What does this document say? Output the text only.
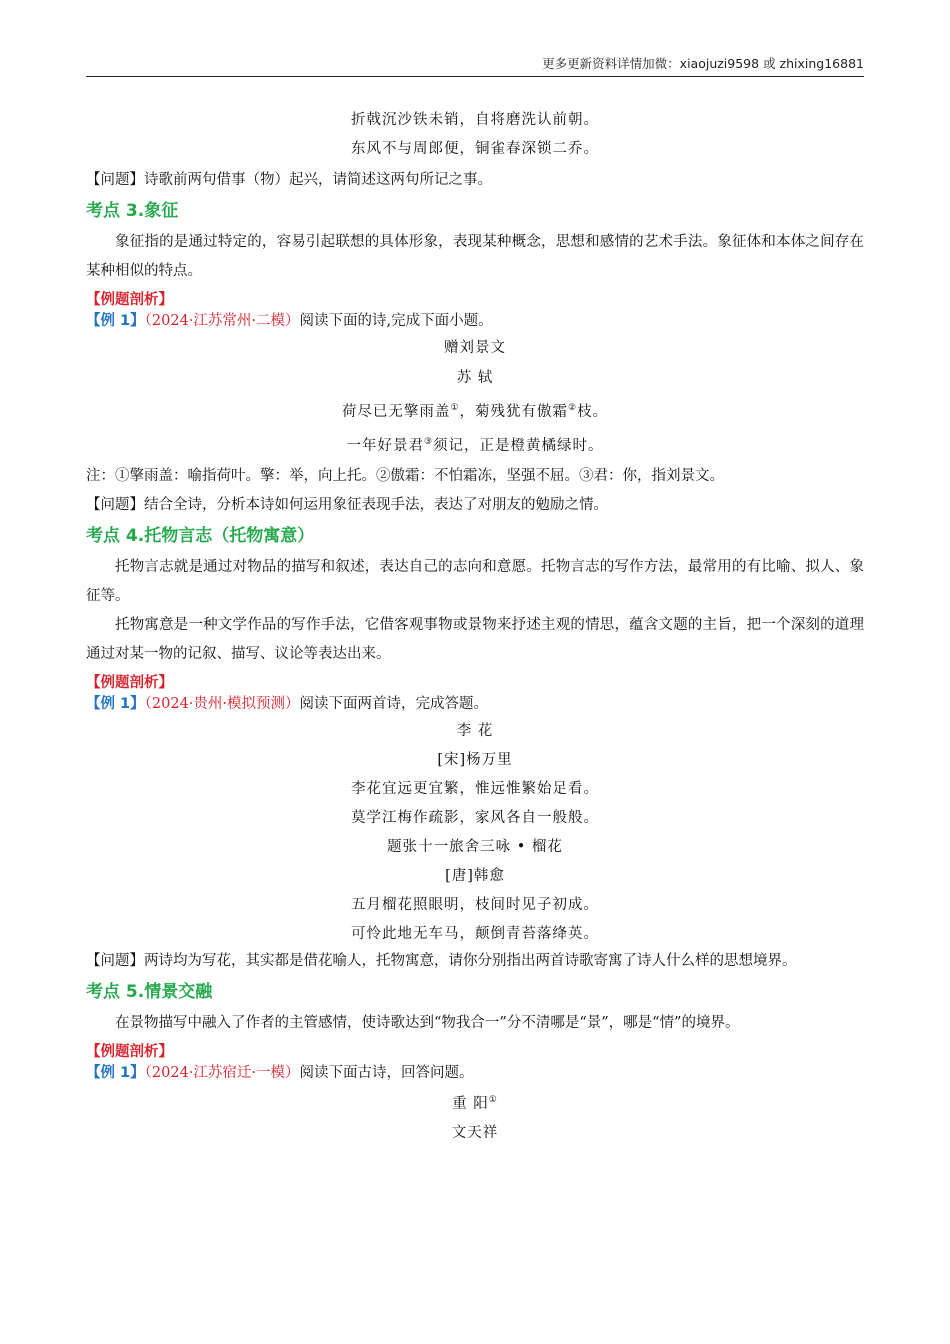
更多更新资料详情加微：xiaojuzi9598 或 zhixing16881

折戟沉沙铁未销，自将磨洗认前朝。

东风不与周郎便，铜雀春深锁二乔。

【问题】诗歌前两句借事（物）起兴，请简述这两句所记之事。

考点 3.象征

象征指的是通过特定的，容易引起联想的具体形象，表现某种概念，思想和感情的艺术手法。象征体和本体之间存在某种相似的特点。

【例题剖析】

【例 1】（2024·江苏常州·二模）阅读下面的诗,完成下面小题。

赠刘景文

苏 轼

荷尽已无擎雨盖①，菊残犹有傲霜②枝。

一年好景君③须记，正是橙黄橘绿时。

注：①擎雨盖：喻指荷叶。擎：举，向上托。②傲霜：不怕霜冻，坚强不屈。③君：你，指刘景文。

【问题】结合全诗，分析本诗如何运用象征表现手法，表达了对朋友的勉励之情。

考点 4.托物言志（托物寓意）

托物言志就是通过对物品的描写和叙述，表达自己的志向和意愿。托物言志的写作方法，最常用的有比喻、拟人、象征等。

托物寓意是一种文学作品的写作手法，它借客观事物或景物来抒述主观的情思，蕴含文题的主旨，把一个深刻的道理通过对某一物的记叙、描写、议论等表达出来。

【例题剖析】

【例 1】（2024·贵州·模拟预测）阅读下面两首诗，完成答题。

李 花

[宋]杨万里

李花宜远更宜繁，惟远惟繁始足看。

莫学江梅作疏影，家风各自一般般。

题张十一旅舍三咏 • 榴花

[唐]韩愈

五月榴花照眼明，枝间时见子初成。

可怜此地无车马，颠倒青苔落绛英。

【问题】两诗均为写花，其实都是借花喻人，托物寓意，请你分别指出两首诗歌寄寓了诗人什么样的思想境界。

考点 5.情景交融

在景物描写中融入了作者的主管感情，使诗歌达到“物我合一”分不清哪是“景”，哪是“情”的境界。

【例题剖析】

【例 1】（2024·江苏宿迁·一模）阅读下面古诗，回答问题。

重 阳①

文天祥
